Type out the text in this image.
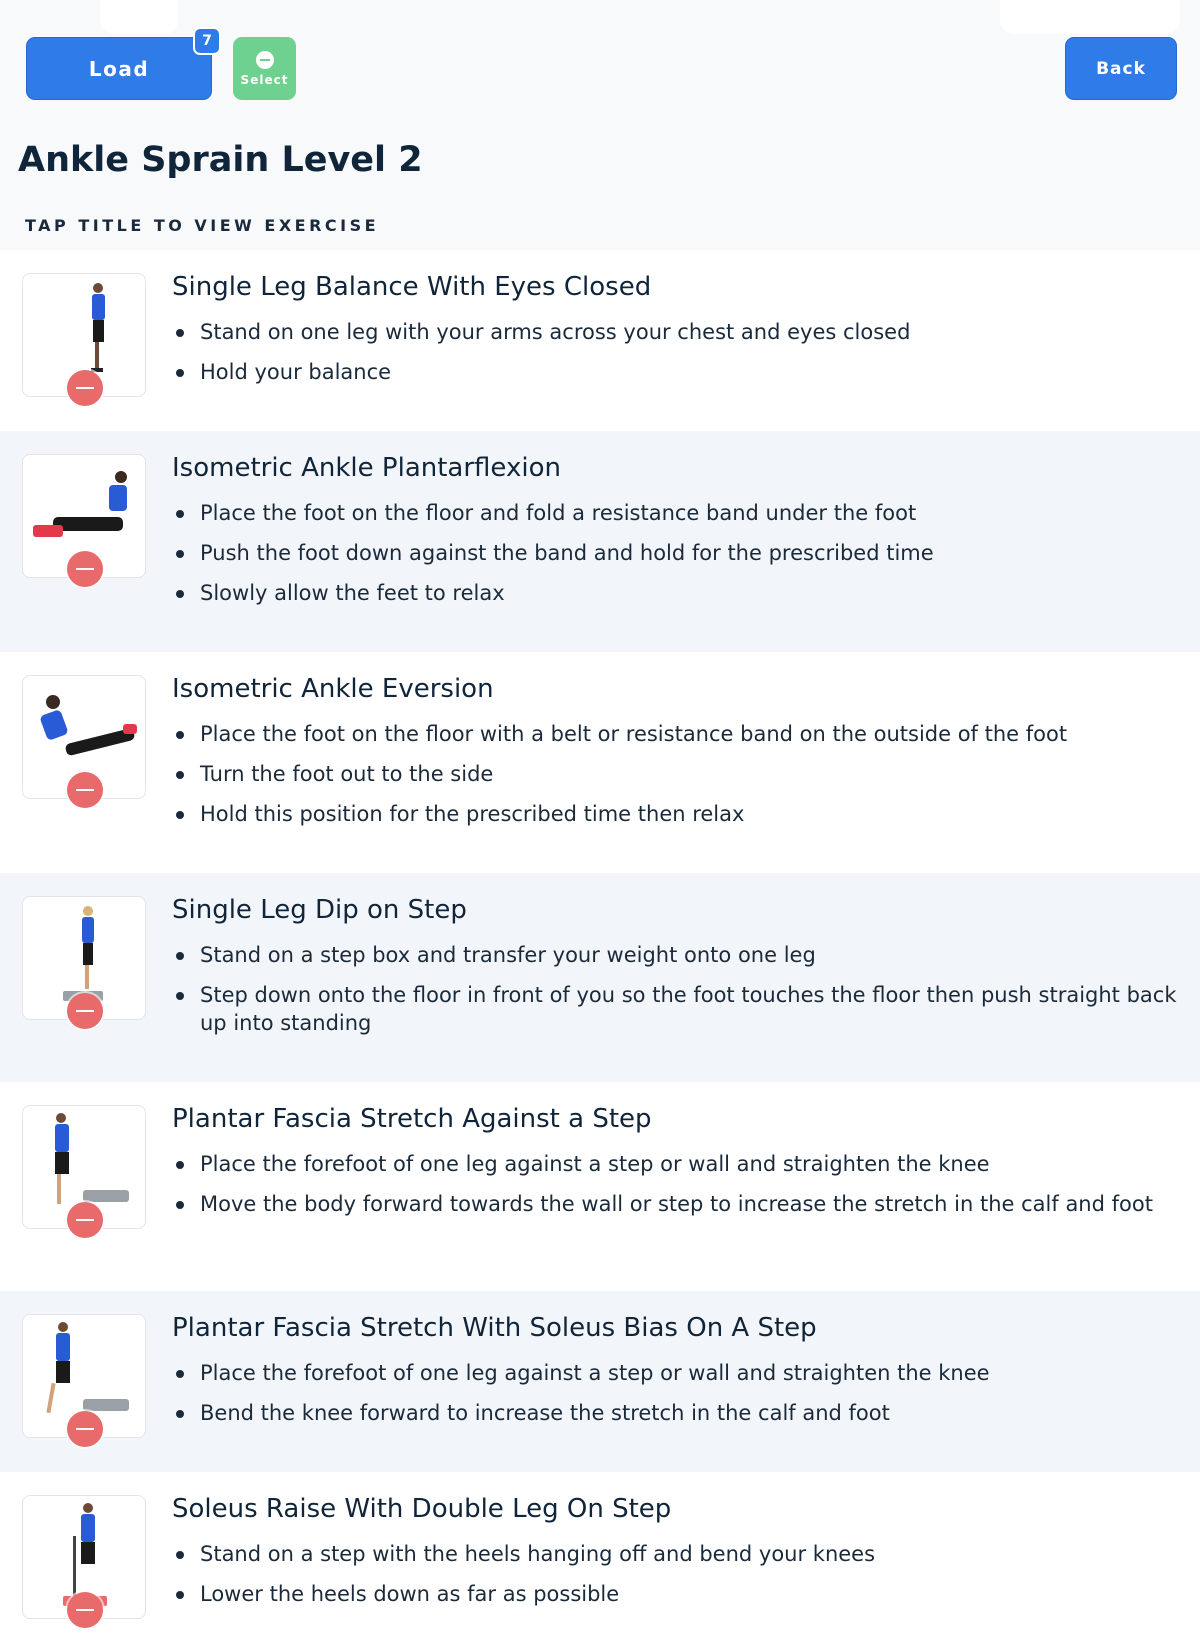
Load
7
Select
Back
Ankle Sprain Level 2
TAP TITLE TO VIEW EXERCISE
Single Leg Balance With Eyes Closed
Stand on one leg with your arms across your chest and eyes closed
Hold your balance
Isometric Ankle Plantarflexion
Place the foot on the floor and fold a resistance band under the foot
Push the foot down against the band and hold for the prescribed time
Slowly allow the feet to relax
Isometric Ankle Eversion
Place the foot on the floor with a belt or resistance band on the outside of the foot
Turn the foot out to the side
Hold this position for the prescribed time then relax
Single Leg Dip on Step
Stand on a step box and transfer your weight onto one leg
Step down onto the floor in front of you so the foot touches the floor then push straight back up into standing
Plantar Fascia Stretch Against a Step
Place the forefoot of one leg against a step or wall and straighten the knee
Move the body forward towards the wall or step to increase the stretch in the calf and foot
Plantar Fascia Stretch With Soleus Bias On A Step
Place the forefoot of one leg against a step or wall and straighten the knee
Bend the knee forward to increase the stretch in the calf and foot
Soleus Raise With Double Leg On Step
Stand on a step with the heels hanging off and bend your knees
Lower the heels down as far as possible
